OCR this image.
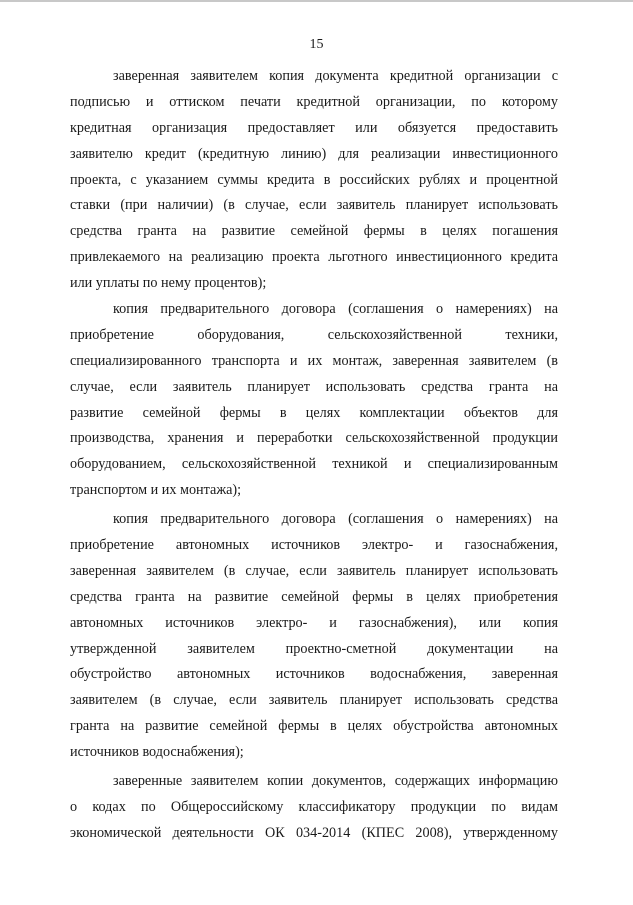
15

заверенная заявителем копия документа кредитной организации с
подписью и оттиском печати кредитной организации, по которому
кредитная организация предоставляет или обязуется предоставить
заявителю кредит (кредитную линию) для реализации инвестиционного
проекта, с указанием суммы кредита в российских рублях и процентной
ставки (при наличии) (в случае, если заявитель планирует использовать
средства гранта на развитие семейной фермы в целях погашения
привлекаемого на реализацию проекта льготного инвестиционного кредита
или уплаты по нему процентов);

копия предварительного договора (соглашения о намерениях) на
приобретение оборудования, сельскохозяйственной техники,
специализированного транспорта и их монтаж, заверенная заявителем (в
случае, если заявитель планирует использовать средства гранта на
развитие семейной фермы в целях комплектации объектов для
производства, хранения и переработки сельскохозяйственной продукции
оборудованием, сельскохозяйственной техникой и специализированным
транспортом и их монтажа);

копия предварительного договора (соглашения о намерениях) на
приобретение автономных источников электро- и газоснабжения,
заверенная заявителем (в случае, если заявитель планирует использовать
средства гранта на развитие семейной фермы в целях приобретения
автономных источников электро- и газоснабжения), или копия
утвержденной заявителем проектно-сметной документации на
обустройство автономных источников водоснабжения, заверенная
заявителем (в случае, если заявитель планирует использовать средства
гранта на развитие семейной фермы в целях обустройства автономных
источников водоснабжения);

заверенные заявителем копии документов, содержащих информацию
о кодах по Общероссийскому классификатору продукции по видам
экономической деятельности ОК 034-2014 (КПЕС 2008), утвержденному
